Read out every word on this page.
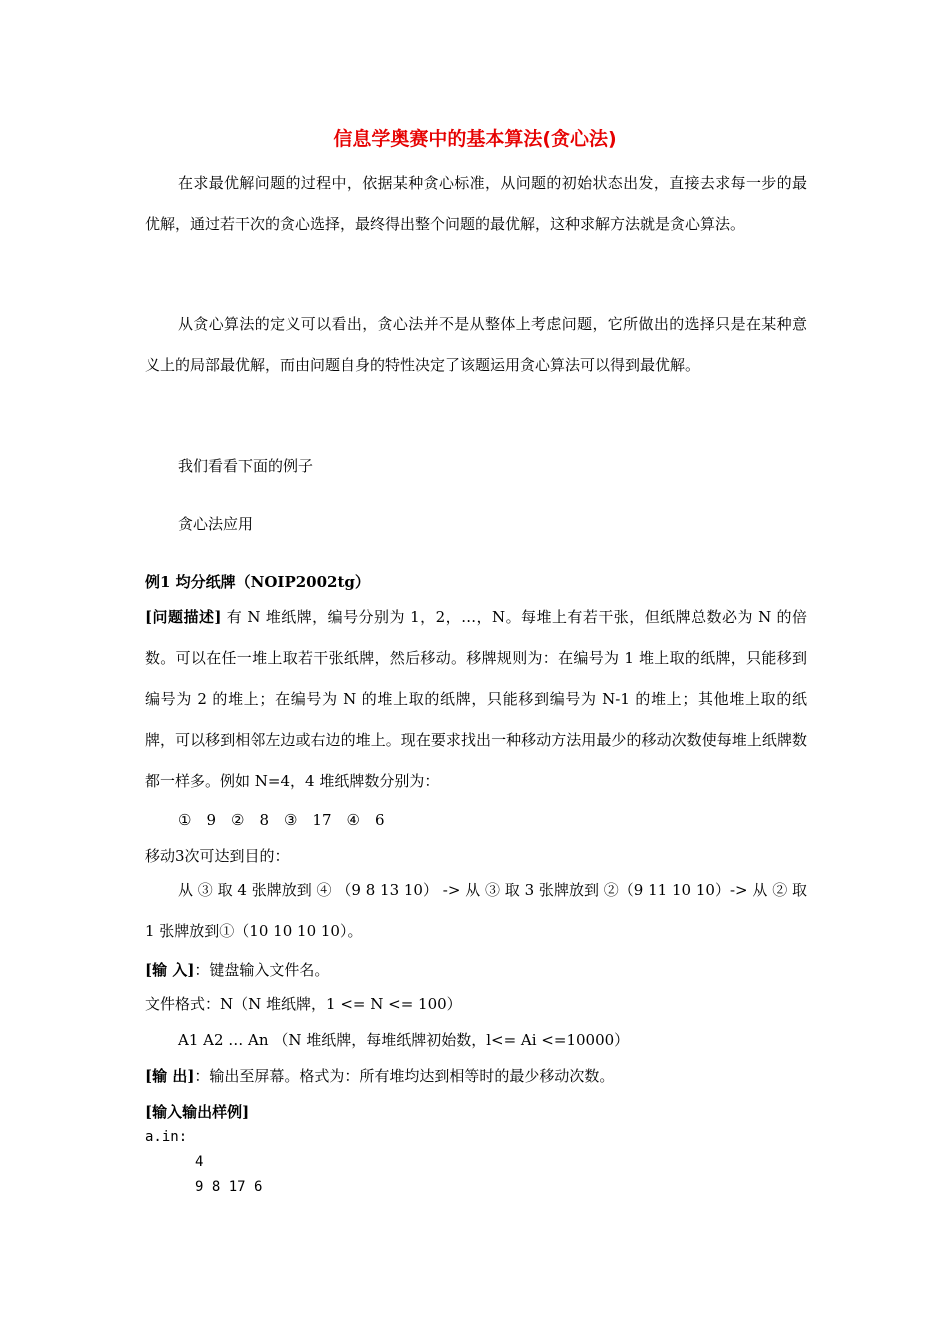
信息学奥赛中的基本算法(贪心法)
在求最优解问题的过程中，依据某种贪心标准，从问题的初始状态出发，直接去求每一步的最优解，通过若干次的贪心选择，最终得出整个问题的最优解，这种求解方法就是贪心算法。
从贪心算法的定义可以看出，贪心法并不是从整体上考虑问题，它所做出的选择只是在某种意义上的局部最优解，而由问题自身的特性决定了该题运用贪心算法可以得到最优解。
我们看看下面的例子
贪心法应用
例1 均分纸牌（NOIP2002tg）
[问题描述] 有 N 堆纸牌，编号分别为 1，2，…，N。每堆上有若干张，但纸牌总数必为 N 的倍数。可以在任一堆上取若干张纸牌，然后移动。移牌规则为：在编号为 1 堆上取的纸牌，只能移到编号为 2 的堆上；在编号为 N 的堆上取的纸牌，只能移到编号为 N-1 的堆上；其他堆上取的纸牌，可以移到相邻左边或右边的堆上。现在要求找出一种移动方法用最少的移动次数使每堆上纸牌数都一样多。例如 N=4，4 堆纸牌数分别为：
①　9　②　8　③　17　④　6
移动3次可达到目的：
从 ③ 取 4 张牌放到 ④ （9 8 13 10） -> 从 ③ 取 3 张牌放到 ②（9 11 10 10）-> 从 ② 取 1 张牌放到①（10 10 10 10）。
[输 入]：键盘输入文件名。
文件格式：N（N 堆纸牌，1 <= N <= 100）
A1 A2 … An （N 堆纸牌，每堆纸牌初始数，l<= Ai <=10000）
[输 出]：输出至屏幕。格式为：所有堆均达到相等时的最少移动次数。
[输入输出样例]
a.in:
4
9 8 17 6
